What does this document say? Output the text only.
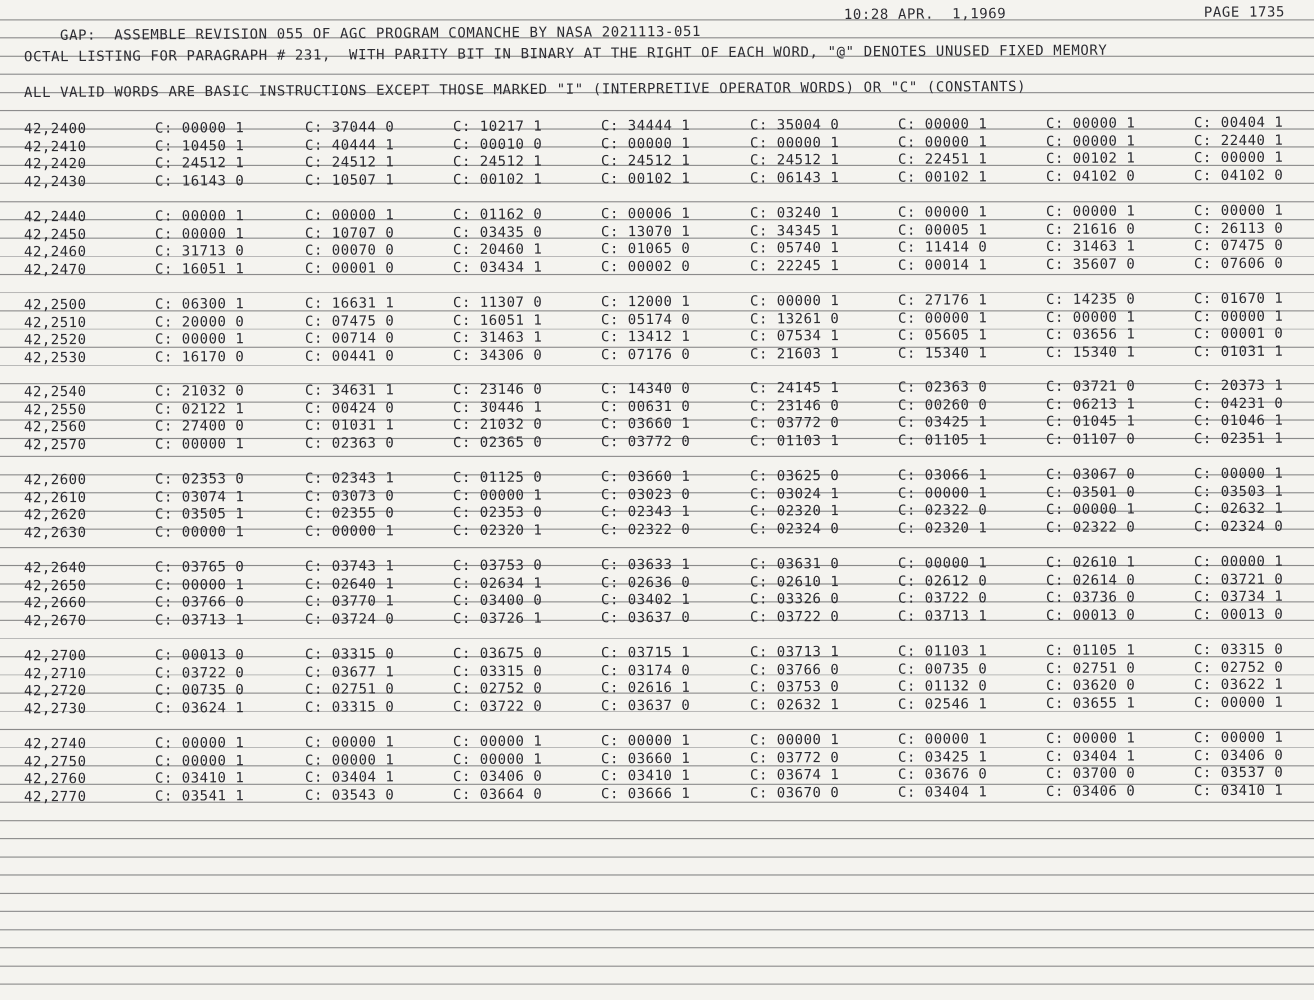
GAP:  ASSEMBLE REVISION 055 OF AGC PROGRAM COMANCHE BY NASA 2021113-051

10:28 APR.  1,1969

	PAGE 1735

OCTAL LISTING FOR PARAGRAPH # 231,  WITH PARITY BIT IN BINARY AT THE RIGHT OF EACH WORD, "@" DENOTES UNUSED FIXED MEMORY
ALL VALID WORDS ARE BASIC INSTRUCTIONS EXCEPT THOSE MARKED "I" (INTERPRETIVE OPERATOR WORDS) OR "C" (CONSTANTS)
42,2400	C: 00000 1	C: 37044 0	C: 10217 1	C: 34444 1	C: 35004 0	C: 00000 1	C: 00000 1	C: 00404 1
42,2410	C: 10450 1	C: 40444 1	C: 00010 0	C: 00000 1	C: 00000 1	C: 00000 1	C: 00000 1	C: 22440 1
42,2420	C: 24512 1	C: 24512 1	C: 24512 1	C: 24512 1	C: 24512 1	C: 22451 1	C: 00102 1	C: 00000 1
42,2430	C: 16143 0	C: 10507 1	C: 00102 1	C: 00102 1	C: 06143 1	C: 00102 1	C: 04102 0	C: 04102 0
42,2440	C: 00000 1	C: 00000 1	C: 01162 0	C: 00006 1	C: 03240 1	C: 00000 1	C: 00000 1	C: 00000 1
42,2450	C: 00000 1	C: 10707 0	C: 03435 0	C: 13070 1	C: 34345 1	C: 00005 1	C: 21616 0	C: 26113 0
42,2460	C: 31713 0	C: 00070 0	C: 20460 1	C: 01065 0	C: 05740 1	C: 11414 0	C: 31463 1	C: 07475 0
42,2470	C: 16051 1	C: 00001 0	C: 03434 1	C: 00002 0	C: 22245 1	C: 00014 1	C: 35607 0	C: 07606 0
42,2500	C: 06300 1	C: 16631 1	C: 11307 0	C: 12000 1	C: 00000 1	C: 27176 1	C: 14235 0	C: 01670 1
42,2510	C: 20000 0	C: 07475 0	C: 16051 1	C: 05174 0	C: 13261 0	C: 00000 1	C: 00000 1	C: 00000 1
42,2520	C: 00000 1	C: 00714 0	C: 31463 1	C: 13412 1	C: 07534 1	C: 05605 1	C: 03656 1	C: 00001 0
42,2530	C: 16170 0	C: 00441 0	C: 34306 0	C: 07176 0	C: 21603 1	C: 15340 1	C: 15340 1	C: 01031 1
42,2540	C: 21032 0	C: 34631 1	C: 23146 0	C: 14340 0	C: 24145 1	C: 02363 0	C: 03721 0	C: 20373 1
42,2550	C: 02122 1	C: 00424 0	C: 30446 1	C: 00631 0	C: 23146 0	C: 00260 0	C: 06213 1	C: 04231 0
42,2560	C: 27400 0	C: 01031 1	C: 21032 0	C: 03660 1	C: 03772 0	C: 03425 1	C: 01045 1	C: 01046 1
42,2570	C: 00000 1	C: 02363 0	C: 02365 0	C: 03772 0	C: 01103 1	C: 01105 1	C: 01107 0	C: 02351 1
42,2600	C: 02353 0	C: 02343 1	C: 01125 0	C: 03660 1	C: 03625 0	C: 03066 1	C: 03067 0	C: 00000 1
42,2610	C: 03074 1	C: 03073 0	C: 00000 1	C: 03023 0	C: 03024 1	C: 00000 1	C: 03501 0	C: 03503 1
42,2620	C: 03505 1	C: 02355 0	C: 02353 0	C: 02343 1	C: 02320 1	C: 02322 0	C: 00000 1	C: 02632 1
42,2630	C: 00000 1	C: 00000 1	C: 02320 1	C: 02322 0	C: 02324 0	C: 02320 1	C: 02322 0	C: 02324 0
42,2640	C: 03765 0	C: 03743 1	C: 03753 0	C: 03633 1	C: 03631 0	C: 00000 1	C: 02610 1	C: 00000 1
42,2650	C: 00000 1	C: 02640 1	C: 02634 1	C: 02636 0	C: 02610 1	C: 02612 0	C: 02614 0	C: 03721 0
42,2660	C: 03766 0	C: 03770 1	C: 03400 0	C: 03402 1	C: 03326 0	C: 03722 0	C: 03736 0	C: 03734 1
42,2670	C: 03713 1	C: 03724 0	C: 03726 1	C: 03637 0	C: 03722 0	C: 03713 1	C: 00013 0	C: 00013 0
42,2700	C: 00013 0	C: 03315 0	C: 03675 0	C: 03715 1	C: 03713 1	C: 01103 1	C: 01105 1	C: 03315 0
42,2710	C: 03722 0	C: 03677 1	C: 03315 0	C: 03174 0	C: 03766 0	C: 00735 0	C: 02751 0	C: 02752 0
42,2720	C: 00735 0	C: 02751 0	C: 02752 0	C: 02616 1	C: 03753 0	C: 01132 0	C: 03620 0	C: 03622 1
42,2730	C: 03624 1	C: 03315 0	C: 03722 0	C: 03637 0	C: 02632 1	C: 02546 1	C: 03655 1	C: 00000 1
42,2740	C: 00000 1	C: 00000 1	C: 00000 1	C: 00000 1	C: 00000 1	C: 00000 1	C: 00000 1	C: 00000 1
42,2750	C: 00000 1	C: 00000 1	C: 00000 1	C: 03660 1	C: 03772 0	C: 03425 1	C: 03404 1	C: 03406 0
42,2760	C: 03410 1	C: 03404 1	C: 03406 0	C: 03410 1	C: 03674 1	C: 03676 0	C: 03700 0	C: 03537 0
42,2770	C: 03541 1	C: 03543 0	C: 03664 0	C: 03666 1	C: 03670 0	C: 03404 1	C: 03406 0	C: 03410 1
